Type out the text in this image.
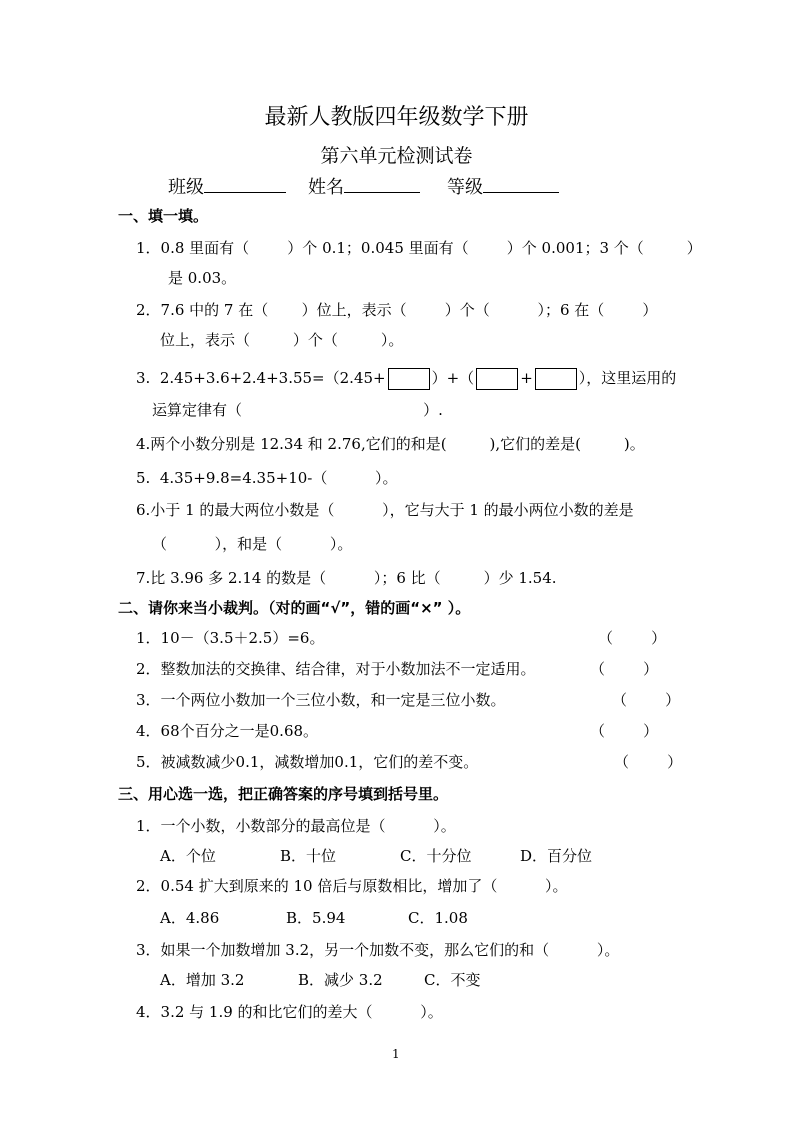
最新人教版四年级数学下册
第六单元检测试卷
班级	姓名	等级
一、填一填。
1．0.8 里面有（        ）个 0.1；0.045 里面有（        ）个 0.001；3 个（         ）
是 0.03。
2．7.6 中的 7 在（       ）位上，表示（        ）个（          ）；6 在（        ）
位上，表示（         ）个（         ）。
3.  2.45+3.6+2.4+3.55=（2.45+	）+（	+	），这里运用的
运算定律有（                                      ）.
4.两个小数分别是 12.34 和 2.76,它们的和是(         ),它们的差是(         )。
5.  4.35+9.8=4.35+10-（          ）。
6.小于 1 的最大两位小数是（          ），它与大于 1 的最小两位小数的差是
（          ），和是（          ）。
7.比 3.96 多 2.14 的数是（          ）；6 比（         ）少 1.54.
二、请你来当小裁判。（对的画“√”，错的画“×” ）。
1．10－（3.5＋2.5）=6。	（        ）
2．整数加法的交换律、结合律，对于小数加法不一定适用。	（        ）
3．一个两位小数加一个三位小数，和一定是三位小数。	（        ）
4．68个百分之一是0.68。	（        ）
5．被减数减少0.1，减数增加0.1，它们的差不变。	（        ）
三、用心选一选，把正确答案的序号填到括号里。
1．一个小数，小数部分的最高位是（          ）。
A．个位	B．十位	C．十分位	D．百分位
2．0.54 扩大到原来的 10 倍后与原数相比，增加了（          ）。
A．4.86	B．5.94	C．1.08
3．如果一个加数增加 3.2，另一个加数不变，那么它们的和（          ）。
A．增加 3.2	B．减少 3.2	C．不变
4．3.2 与 1.9 的和比它们的差大（          ）。
1
